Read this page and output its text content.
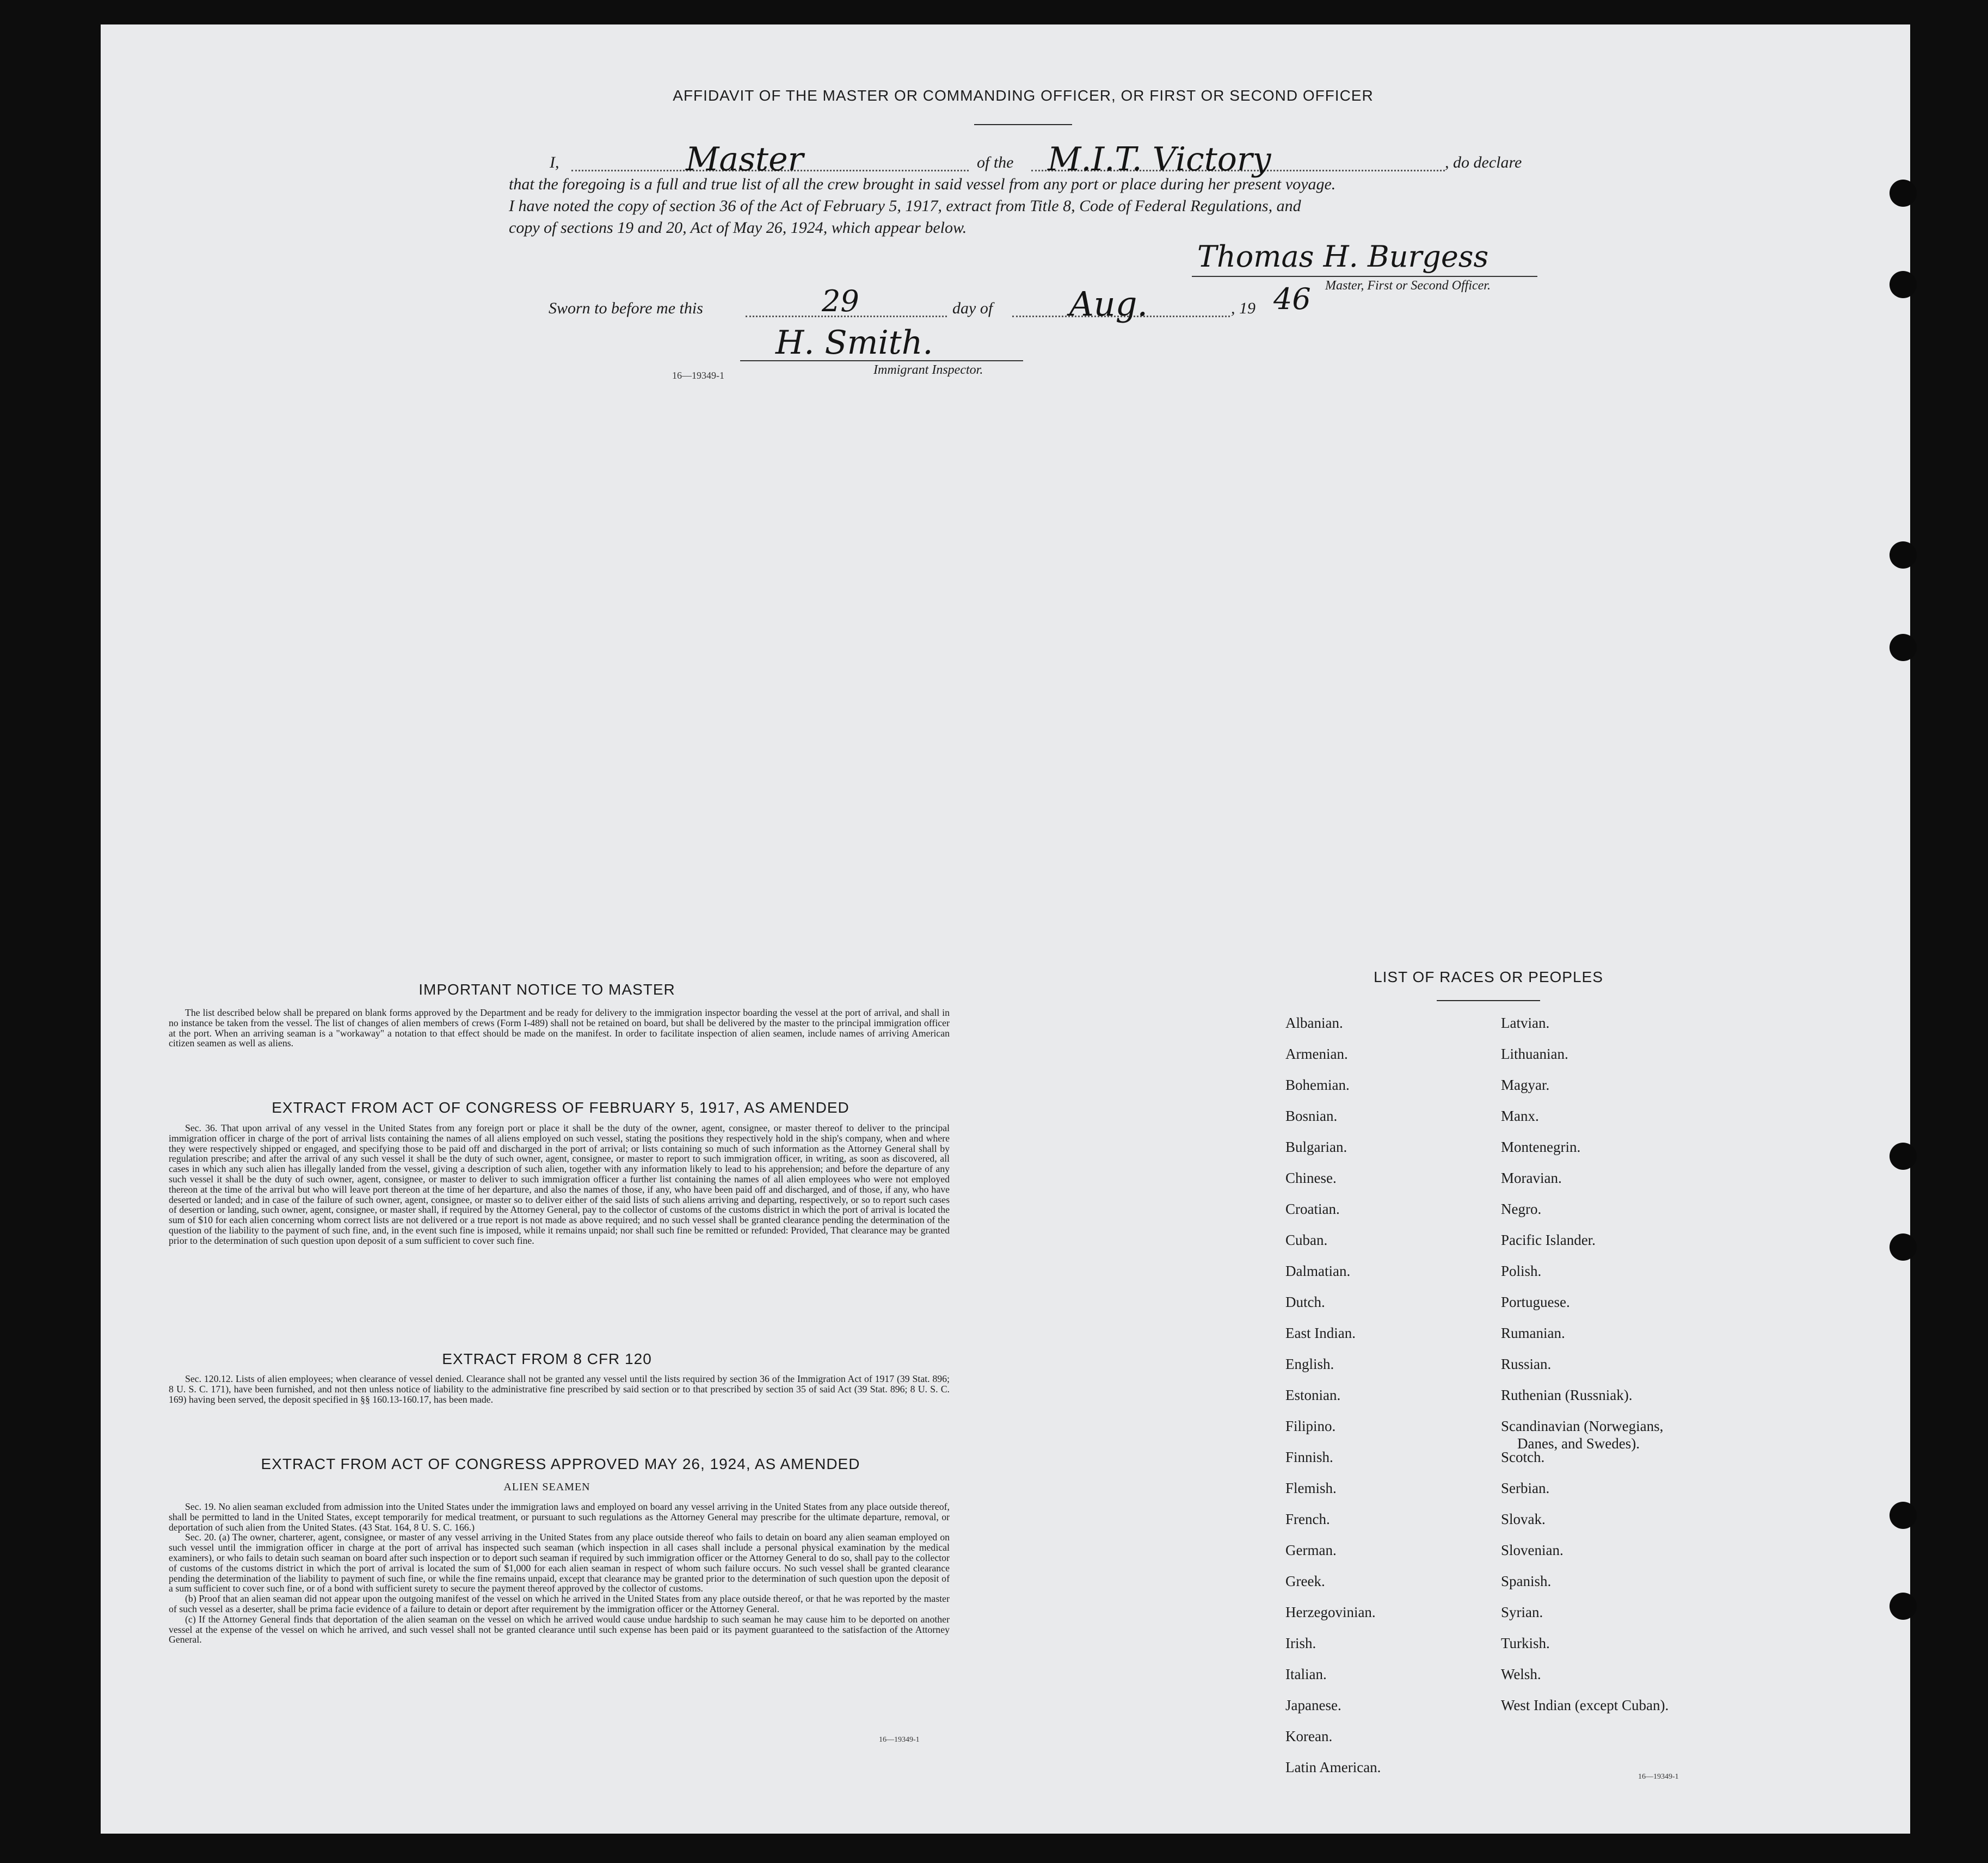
AFFIDAVIT OF THE MASTER OR COMMANDING OFFICER, OR FIRST OR SECOND OFFICER
I,	Master	of the M.I.T. Victory	, do declare
that the foregoing is a full and true list of all the crew brought in said vessel from any port or place during her present voyage.
I have noted the copy of section 36 of the Act of February 5, 1917, extract from Title 8, Code of Federal Regulations, and
copy of sections 19 and 20, Act of May 26, 1924, which appear below.
Thomas H. Burgess
Master, First or Second Officer.
Sworn to before me this	29	day of Aug.	, 19 46
H. Smith.
Immigrant Inspector.
16—19349-1
IMPORTANT NOTICE TO MASTER

The list described below shall be prepared on blank forms approved by the Department and be ready for delivery to the immigration inspector boarding the vessel at the port of arrival, and shall in no instance be taken from the vessel. The list of changes of alien members of crews (Form I-489) shall not be retained on board, but shall be delivered by the master to the principal immigration officer at the port. When an arriving seaman is a "workaway" a notation to that effect should be made on the manifest. In order to facilitate inspection of alien seamen, include names of arriving American citizen seamen as well as aliens.

EXTRACT FROM ACT OF CONGRESS OF FEBRUARY 5, 1917, AS AMENDED

Sec. 36. That upon arrival of any vessel in the United States from any foreign port or place it shall be the duty of the owner, agent, consignee, or master thereof to deliver to the principal immigration officer in charge of the port of arrival lists containing the names of all aliens employed on such vessel, stating the positions they respectively hold in the ship's company, when and where they were respectively shipped or engaged, and specifying those to be paid off and discharged in the port of arrival; or lists containing so much of such information as the Attorney General shall by regulation prescribe; and after the arrival of any such vessel it shall be the duty of such owner, agent, consignee, or master to report to such immigration officer, in writing, as soon as discovered, all cases in which any such alien has illegally landed from the vessel, giving a description of such alien, together with any information likely to lead to his apprehension; and before the departure of any such vessel it shall be the duty of such owner, agent, consignee, or master to deliver to such immigration officer a further list containing the names of all alien employees who were not employed thereon at the time of the arrival but who will leave port thereon at the time of her departure, and also the names of those, if any, who have been paid off and discharged, and of those, if any, who have deserted or landed; and in case of the failure of such owner, agent, consignee, or master so to deliver either of the said lists of such aliens arriving and departing, respectively, or so to report such cases of desertion or landing, such owner, agent, consignee, or master shall, if required by the Attorney General, pay to the collector of customs of the customs district in which the port of arrival is located the sum of $10 for each alien concerning whom correct lists are not delivered or a true report is not made as above required; and no such vessel shall be granted clearance pending the determination of the question of the liability to the payment of such fine, and, in the event such fine is imposed, while it remains unpaid; nor shall such fine be remitted or refunded: Provided, That clearance may be granted prior to the determination of such question upon deposit of a sum sufficient to cover such fine.

EXTRACT FROM 8 CFR 120

Sec. 120.12. Lists of alien employees; when clearance of vessel denied. Clearance shall not be granted any vessel until the lists required by section 36 of the Immigration Act of 1917 (39 Stat. 896; 8 U. S. C. 171), have been furnished, and not then unless notice of liability to the administrative fine prescribed by said section or to that prescribed by section 35 of said Act (39 Stat. 896; 8 U. S. C. 169) having been served, the deposit specified in §§ 160.13-160.17, has been made.

EXTRACT FROM ACT OF CONGRESS APPROVED MAY 26, 1924, AS AMENDED
ALIEN SEAMEN

Sec. 19. No alien seaman excluded from admission into the United States under the immigration laws and employed on board any vessel arriving in the United States from any place outside thereof, shall be permitted to land in the United States, except temporarily for medical treatment, or pursuant to such regulations as the Attorney General may prescribe for the ultimate departure, removal, or deportation of such alien from the United States. (43 Stat. 164, 8 U. S. C. 166.)

Sec. 20. (a) The owner, charterer, agent, consignee, or master of any vessel arriving in the United States from any place outside thereof who fails to detain on board any alien seaman employed on such vessel until the immigration officer in charge at the port of arrival has inspected such seaman (which inspection in all cases shall include a personal physical examination by the medical examiners), or who fails to detain such seaman on board after such inspection or to deport such seaman if required by such immigration officer or the Attorney General to do so, shall pay to the collector of customs of the customs district in which the port of arrival is located the sum of $1,000 for each alien seaman in respect of whom such failure occurs. No such vessel shall be granted clearance pending the determination of the liability to payment of such fine, or while the fine remains unpaid, except that clearance may be granted prior to the determination of such question upon the deposit of a sum sufficient to cover such fine, or of a bond with sufficient surety to secure the payment thereof approved by the collector of customs.

(b) Proof that an alien seaman did not appear upon the outgoing manifest of the vessel on which he arrived in the United States from any place outside thereof, or that he was reported by the master of such vessel as a deserter, shall be prima facie evidence of a failure to detain or deport after requirement by the immigration officer or the Attorney General.

(c) If the Attorney General finds that deportation of the alien seaman on the vessel on which he arrived would cause undue hardship to such seaman he may cause him to be deported on another vessel at the expense of the vessel on which he arrived, and such vessel shall not be granted clearance until such expense has been paid or its payment guaranteed to the satisfaction of the Attorney General.

16—19349-1
LIST OF RACES OR PEOPLES
Albanian.
Armenian.
Bohemian.
Bosnian.
Bulgarian.
Chinese.
Croatian.
Cuban.
Dalmatian.
Dutch.
East Indian.
English.
Estonian.
Filipino.
Finnish.
Flemish.
French.
German.
Greek.
Herzegovinian.
Irish.
Italian.
Japanese.
Korean.
Latin American.
Latvian.
Lithuanian.
Magyar.
Manx.
Montenegrin.
Moravian.
Negro.
Pacific Islander.
Polish.
Portuguese.
Rumanian.
Russian.
Ruthenian (Russniak).
Scandinavian (Norwegians,
Danes, and Swedes).
Scotch.
Serbian.
Slovak.
Slovenian.
Spanish.
Syrian.
Turkish.
Welsh.
West Indian (except Cuban).
16—19349-1
